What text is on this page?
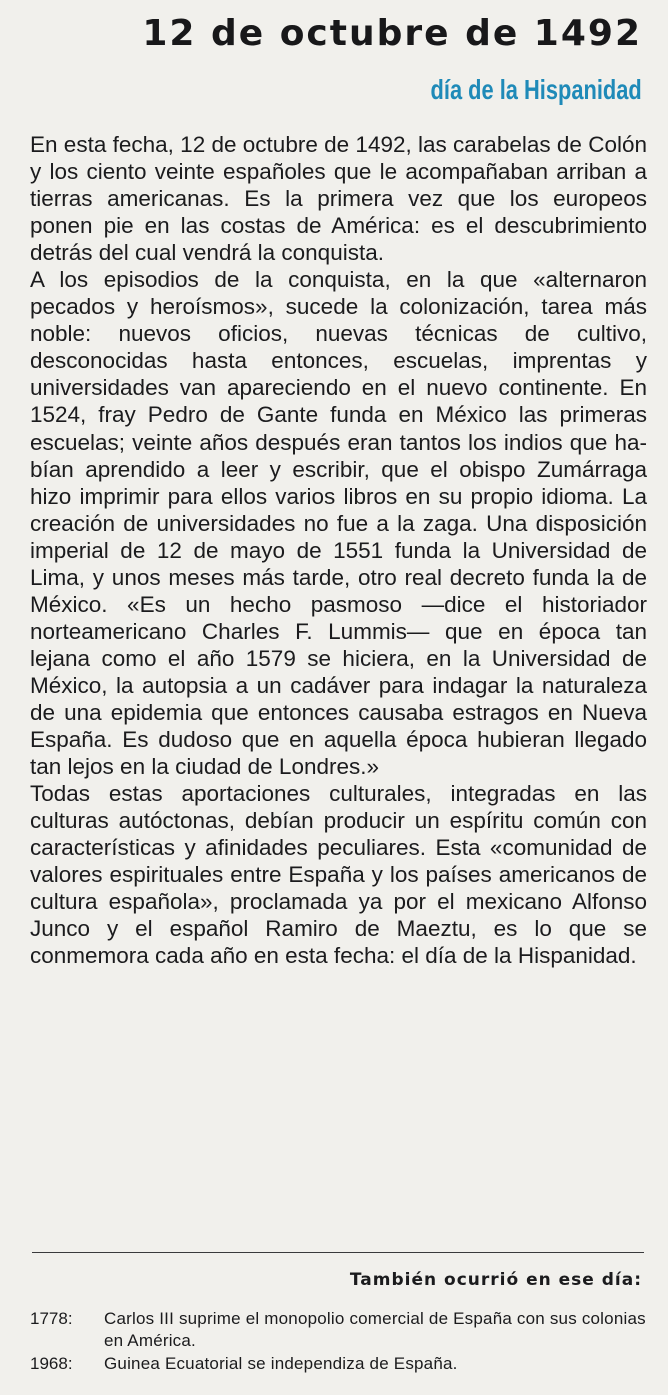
12 de octubre de 1492
día de la Hispanidad

En esta fecha, 12 de octubre de 1492, las carabelas de Colón y los ciento veinte españoles que le acompañaban arriban a tierras americanas. Es la primera vez que los europeos ponen pie en las costas de América: es el descubrimiento detrás del cual vendrá la conquista.

A los episodios de la conquista, en la que «alternaron pecados y heroísmos», sucede la colonización, tarea más noble: nuevos oficios, nuevas técnicas de cultivo, desconocidas hasta entonces, escuelas, imprentas y universidades van apareciendo en el nuevo continente. En 1524, fray Pedro de Gante funda en México las primeras escuelas; veinte años después eran tantos los indios que habían aprendido a leer y escribir, que el obispo Zumárraga hizo imprimir para ellos varios libros en su propio idioma. La creación de universidades no fue a la zaga. Una disposición imperial de 12 de mayo de 1551 funda la Universidad de Lima, y unos meses más tarde, otro real decreto funda la de México. «Es un hecho pasmoso —dice el historiador norteamericano Charles F. Lummis— que en época tan lejana como el año 1579 se hiciera, en la Universidad de México, la autopsia a un cadáver para indagar la naturaleza de una epidemia que entonces causaba estragos en Nueva España. Es dudoso que en aquella época hubieran llegado tan lejos en la ciudad de Londres.»

Todas estas aportaciones culturales, integradas en las culturas autóctonas, debían producir un espíritu común con características y afinidades peculiares. Esta «comunidad de valores espirituales entre España y los países americanos de cultura española», proclamada ya por el mexicano Alfonso Junco y el español Ramiro de Maeztu, es lo que se conmemora cada año en esta fecha: el día de la Hispanidad.

También ocurrió en ese día:
1778:	Carlos III suprime el monopolio comercial de España con sus colonias en América.
1968:	Guinea Ecuatorial se independiza de España.
